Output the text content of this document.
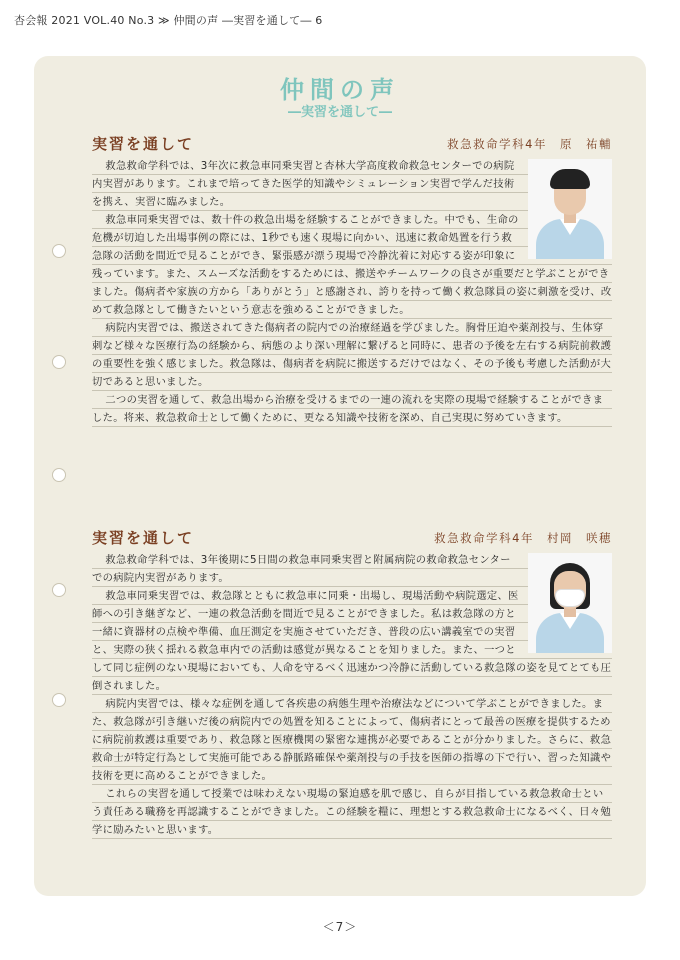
杏会報 2021 VOL.40 No.3 ≫ 仲間の声 ―実習を通して― 6
仲間の声
―実習を通して―
実習を通して	救急救命学科4年　原　祐輔

救急救命学科では、3年次に救急車同乗実習と杏林大学高度救命救急センターでの病院内実習があります。これまで培ってきた医学的知識やシミュレーション実習で学んだ技術を携え、実習に臨みました。

救急車同乗実習では、数十件の救急出場を経験することができました。中でも、生命の危機が切迫した出場事例の際には、1秒でも速く現場に向かい、迅速に救命処置を行う救急隊の活動を間近で見ることができ、緊張感が漂う現場で冷静沈着に対応する姿が印象に残っています。また、スムーズな活動をするためには、搬送やチームワークの良さが重要だと学ぶことができました。傷病者や家族の方から「ありがとう」と感謝され、誇りを持って働く救急隊員の姿に刺激を受け、改めて救急隊として働きたいという意志を強めることができました。

病院内実習では、搬送されてきた傷病者の院内での治療経過を学びました。胸骨圧迫や薬剤投与、生体穿刺など様々な医療行為の経験から、病態のより深い理解に繋げると同時に、患者の予後を左右する病院前救護の重要性を強く感じました。救急隊は、傷病者を病院に搬送するだけではなく、その予後も考慮した活動が大切であると思いました。

二つの実習を通して、救急出場から治療を受けるまでの一連の流れを実際の現場で経験することができました。将来、救急救命士として働くために、更なる知識や技術を深め、自己実現に努めていきます。

実習を通して	救急救命学科4年　村岡　咲穂

救急救命学科では、3年後期に5日間の救急車同乗実習と附属病院の救命救急センターでの病院内実習があります。

救急車同乗実習では、救急隊とともに救急車に同乗・出場し、現場活動や病院選定、医師への引き継ぎなど、一連の救急活動を間近で見ることができました。私は救急隊の方と一緒に資器材の点検や準備、血圧測定を実施させていただき、普段の広い講義室での実習と、実際の狭く揺れる救急車内での活動は感覚が異なることを知りました。また、一つとして同じ症例のない現場においても、人命を守るべく迅速かつ冷静に活動している救急隊の姿を見てとても圧倒されました。

病院内実習では、様々な症例を通して各疾患の病態生理や治療法などについて学ぶことができました。また、救急隊が引き継いだ後の病院内での処置を知ることによって、傷病者にとって最善の医療を提供するために病院前救護は重要であり、救急隊と医療機関の緊密な連携が必要であることが分かりました。さらに、救急救命士が特定行為として実施可能である静脈路確保や薬剤投与の手技を医師の指導の下で行い、習った知識や技術を更に高めることができました。

これらの実習を通して授業では味わえない現場の緊迫感を肌で感じ、自らが目指している救急救命士という責任ある職務を再認識することができました。この経験を糧に、理想とする救急救命士になるべく、日々勉学に励みたいと思います。

＜7＞
